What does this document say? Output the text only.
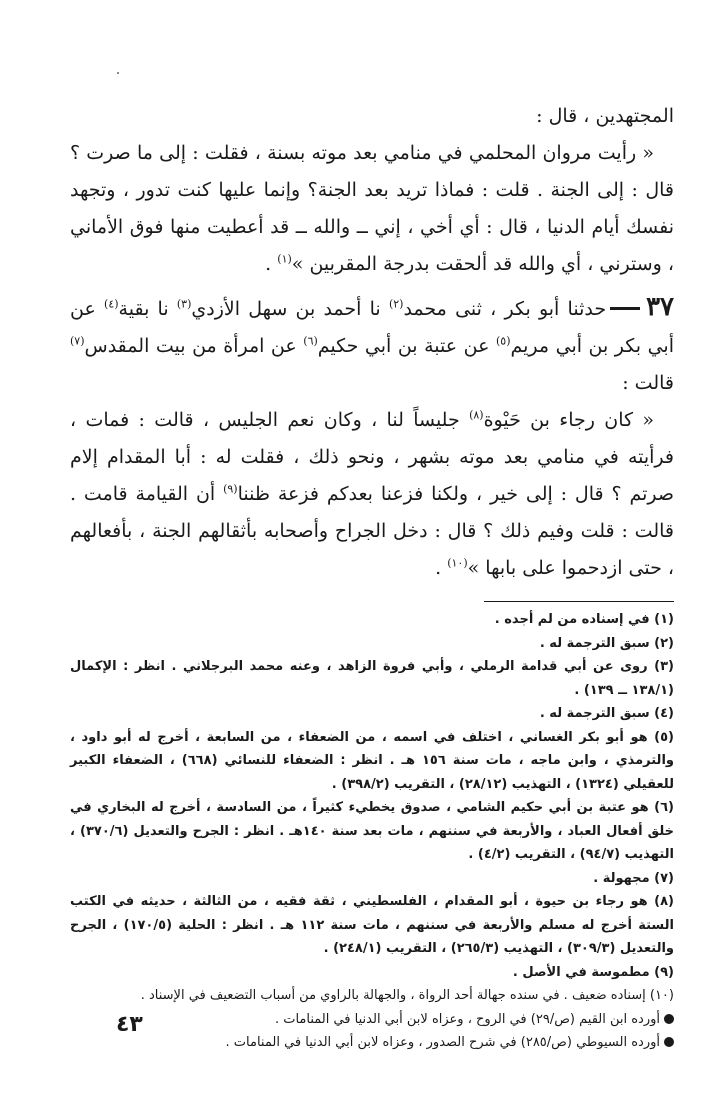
المجتهدين ، قال :

« رأيت مروان المحلمي في منامي بعد موته بسنة ، فقلت : إلى ما صرت ؟ قال : إلى الجنة . قلت : فماذا تريد بعد الجنة؟ وإنما عليها كنت تدور ، وتجهد نفسك أيام الدنيا ، قال : أي أخي ، إني ــ والله ــ قد أعطيت منها فوق الأماني ، وسترني ، أي والله قد ألحقت بدرجة المقربين »$^{(١)}$ .

٣٧حدثنا أبو بكر ، ثنى محمد$^{(٢)}$ نا أحمد بن سهل الأزدي$^{(٣)}$ نا بقية$^{(٤)}$ عن أبي بكر بن أبي مريم$^{(٥)}$ عن عتبة بن أبي حكيم$^{(٦)}$ عن امرأة من بيت المقدس$^{(٧)}$ قالت :

« كان رجاء بن حَيْوة$^{(٨)}$ جليساً لنا ، وكان نعم الجليس ، قالت : فمات ، فرأيته في منامي بعد موته بشهر ، ونحو ذلك ، فقلت له : أبا المقدام إلام صرتم ؟ قال : إلى خير ، ولكنا فزعنا بعدكم فزعة ظننا$^{(٩)}$ أن القيامة قامت . قالت : قلت وفيم ذلك ؟ قال : دخل الجراح وأصحابه بأثقالهم الجنة ، بأفعالهم ، حتى ازدحموا على بابها »$^{(١٠)}$ .

(١) في إسناده من لم أجده .

(٢) سبق الترجمة له .

(٣) روى عن أبي قدامة الرملي ، وأبي فروة الزاهد ، وعنه محمد البرجلاني . انظر : الإكمال (١٣٨/١ ــ ١٣٩) .

(٤) سبق الترجمة له .

(٥) هو أبو بكر الغساني ، اختلف في اسمه ، من الضعفاء ، من السابعة ، أخرج له أبو داود ، والترمذي ، وابن ماجه ، مات سنة ١٥٦ هـ . انظر : الضعفاء للنسائي (٦٦٨) ، الضعفاء الكبير للعقيلي (١٣٢٤) ، التهذيب (٢٨/١٢) ، التقريب (٣٩٨/٢) .

(٦) هو عتبة بن أبي حكيم الشامي ، صدوق يخطيء كثيراً ، من السادسة ، أخرج له البخاري في خلق أفعال العباد ، والأربعة في سننهم ، مات بعد سنة ١٤٠هـ . انظر : الجرح والتعديل (٣٧٠/٦) ، التهذيب (٩٤/٧) ، التقريب (٤/٢) .

(٧) مجهولة .

(٨) هو رجاء بن حيوة ، أبو المقدام ، الفلسطيني ، ثقة فقيه ، من الثالثة ، حديثه في الكتب الستة أخرج له مسلم والأربعة في سننهم ، مات سنة ١١٢ هـ . انظر : الحلية (١٧٠/٥) ، الجرح والتعديل (٣٠٩/٣) ، التهذيب (٢٦٥/٣) ، التقريب (٢٤٨/١) .

(٩) مطموسة في الأصل .

(١٠) إسناده ضعيف . في سنده جهالة أحد الرواة ، والجهالة بالراوي من أسباب التضعيف في الإسناد .

أورده ابن القيم (ص/٢٩) في الروح ، وعزاه لابن أبي الدنيا في المنامات .

أورده السيوطي (ص/٢٨٥) في شرح الصدور ، وعزاه لابن أبي الدنيا في المنامات .

٤٣
